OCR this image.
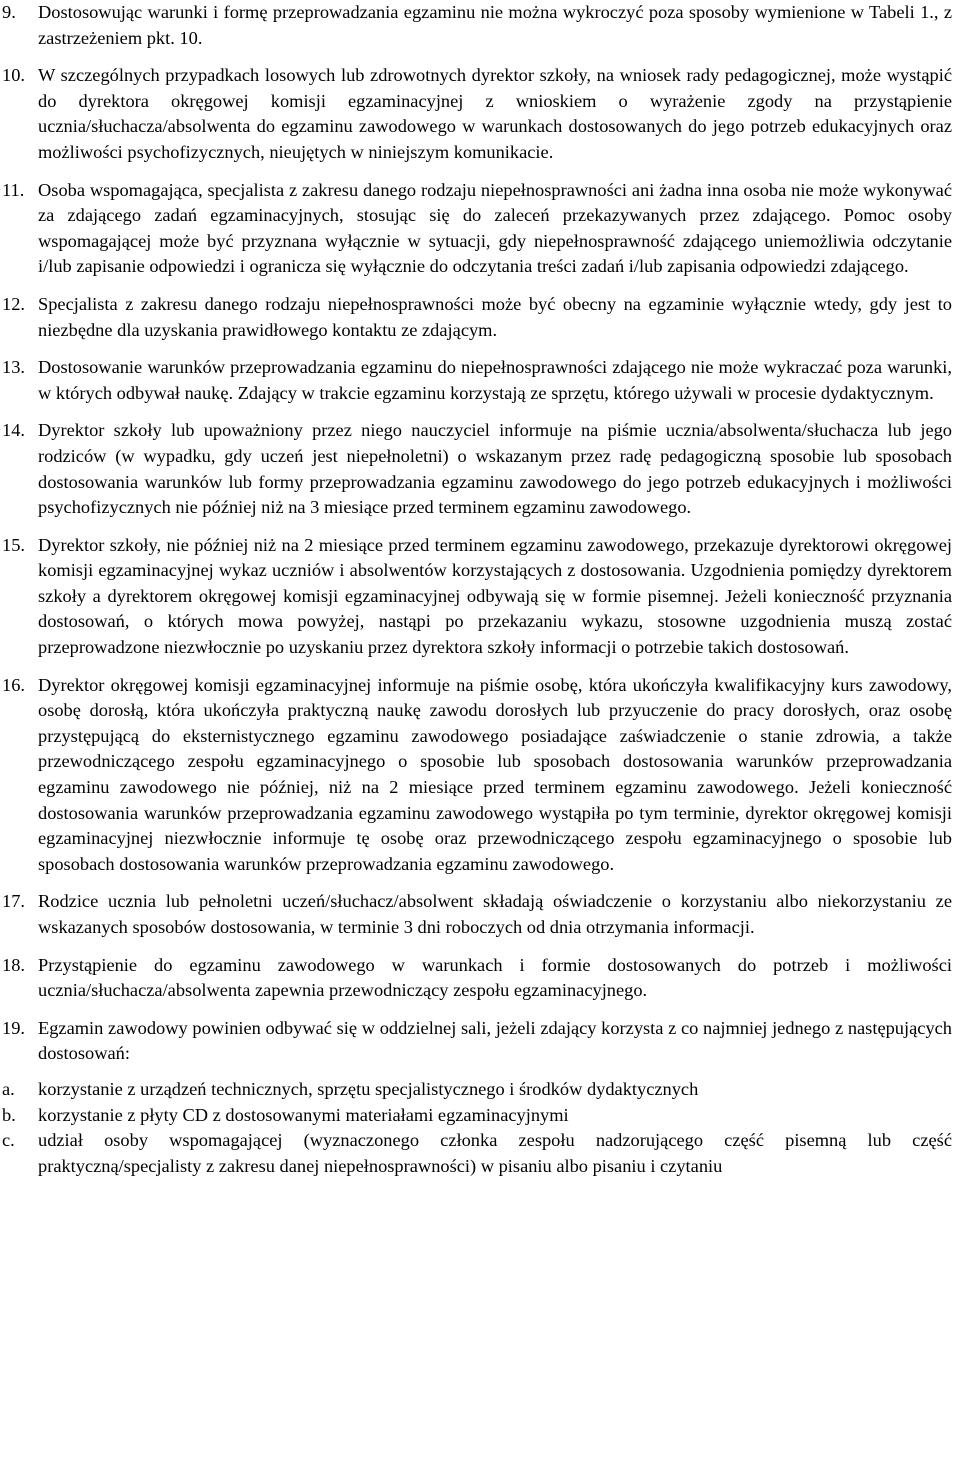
9.	Dostosowując warunki i formę przeprowadzania egzaminu nie można wykroczyć poza sposoby wymienione w Tabeli 1., z zastrzeżeniem pkt. 10.
10. W szczególnych przypadkach losowych lub zdrowotnych dyrektor szkoły, na wniosek rady pedagogicznej, może wystąpić do dyrektora okręgowej komisji egzaminacyjnej z wnioskiem o wyrażenie zgody na przystąpienie ucznia/słuchacza/absolwenta do egzaminu zawodowego w warunkach dostosowanych do jego potrzeb edukacyjnych oraz możliwości psychofizycznych, nieujętych w niniejszym komunikacie.
11. Osoba wspomagająca, specjalista z zakresu danego rodzaju niepełnosprawności ani żadna inna osoba nie może wykonywać za zdającego zadań egzaminacyjnych, stosując się do zaleceń przekazywanych przez zdającego. Pomoc osoby wspomagającej może być przyznana wyłącznie w sytuacji, gdy niepełnosprawność zdającego uniemożliwia odczytanie i/lub zapisanie odpowiedzi i ogranicza się wyłącznie do odczytania treści zadań i/lub zapisania odpowiedzi zdającego.
12. Specjalista z zakresu danego rodzaju niepełnosprawności może być obecny na egzaminie wyłącznie wtedy, gdy jest to niezbędne dla uzyskania prawidłowego kontaktu ze zdającym.
13. Dostosowanie warunków przeprowadzania egzaminu do niepełnosprawności zdającego nie może wykraczać poza warunki, w których odbywał naukę. Zdający w trakcie egzaminu korzystają ze sprzętu, którego używali w procesie dydaktycznym.
14. Dyrektor szkoły lub upoważniony przez niego nauczyciel informuje na piśmie ucznia/absolwenta/słuchacza lub jego rodziców (w wypadku, gdy uczeń jest niepełnoletni) o wskazanym przez radę pedagogiczną sposobie lub sposobach dostosowania warunków lub formy przeprowadzania egzaminu zawodowego do jego potrzeb edukacyjnych i możliwości psychofizycznych nie później niż na 3 miesiące przed terminem egzaminu zawodowego.
15. Dyrektor szkoły, nie później niż na 2 miesiące przed terminem egzaminu zawodowego, przekazuje dyrektorowi okręgowej komisji egzaminacyjnej wykaz uczniów i absolwentów korzystających z dostosowania. Uzgodnienia pomiędzy dyrektorem szkoły a dyrektorem okręgowej komisji egzaminacyjnej odbywają się w formie pisemnej. Jeżeli konieczność przyznania dostosowań, o których mowa powyżej, nastąpi po przekazaniu wykazu, stosowne uzgodnienia muszą zostać przeprowadzone niezwłocznie po uzyskaniu przez dyrektora szkoły informacji o potrzebie takich dostosowań.
16. Dyrektor okręgowej komisji egzaminacyjnej informuje na piśmie osobę, która ukończyła kwalifikacyjny kurs zawodowy, osobę dorosłą, która ukończyła praktyczną naukę zawodu dorosłych lub przyuczenie do pracy dorosłych, oraz osobę przystępującą do eksternistycznego egzaminu zawodowego posiadające zaświadczenie o stanie zdrowia, a także przewodniczącego zespołu egzaminacyjnego o sposobie lub sposobach dostosowania warunków przeprowadzania egzaminu zawodowego nie później, niż na 2 miesiące przed terminem egzaminu zawodowego. Jeżeli konieczność dostosowania warunków przeprowadzania egzaminu zawodowego wystąpiła po tym terminie, dyrektor okręgowej komisji egzaminacyjnej niezwłocznie informuje tę osobę oraz przewodniczącego zespołu egzaminacyjnego o sposobie lub sposobach dostosowania warunków przeprowadzania egzaminu zawodowego.
17. Rodzice ucznia lub pełnoletni uczeń/słuchacz/absolwent składają oświadczenie o korzystaniu albo niekorzystaniu ze wskazanych sposobów dostosowania, w terminie 3 dni roboczych od dnia otrzymania informacji.
18. Przystąpienie do egzaminu zawodowego w warunkach i formie dostosowanych do potrzeb i możliwości ucznia/słuchacza/absolwenta zapewnia przewodniczący zespołu egzaminacyjnego.
19. Egzamin zawodowy powinien odbywać się w oddzielnej sali, jeżeli zdający korzysta z co najmniej jednego z następujących dostosowań:
a.	korzystanie z urządzeń technicznych, sprzętu specjalistycznego i środków dydaktycznych
b.	korzystanie z płyty CD z dostosowanymi materiałami egzaminacyjnymi
c.	udział osoby wspomagającej (wyznaczonego członka zespołu nadzorującego część pisemną lub część praktyczną/specjalisty z zakresu danej niepełnosprawności) w pisaniu albo pisaniu i czytaniu
